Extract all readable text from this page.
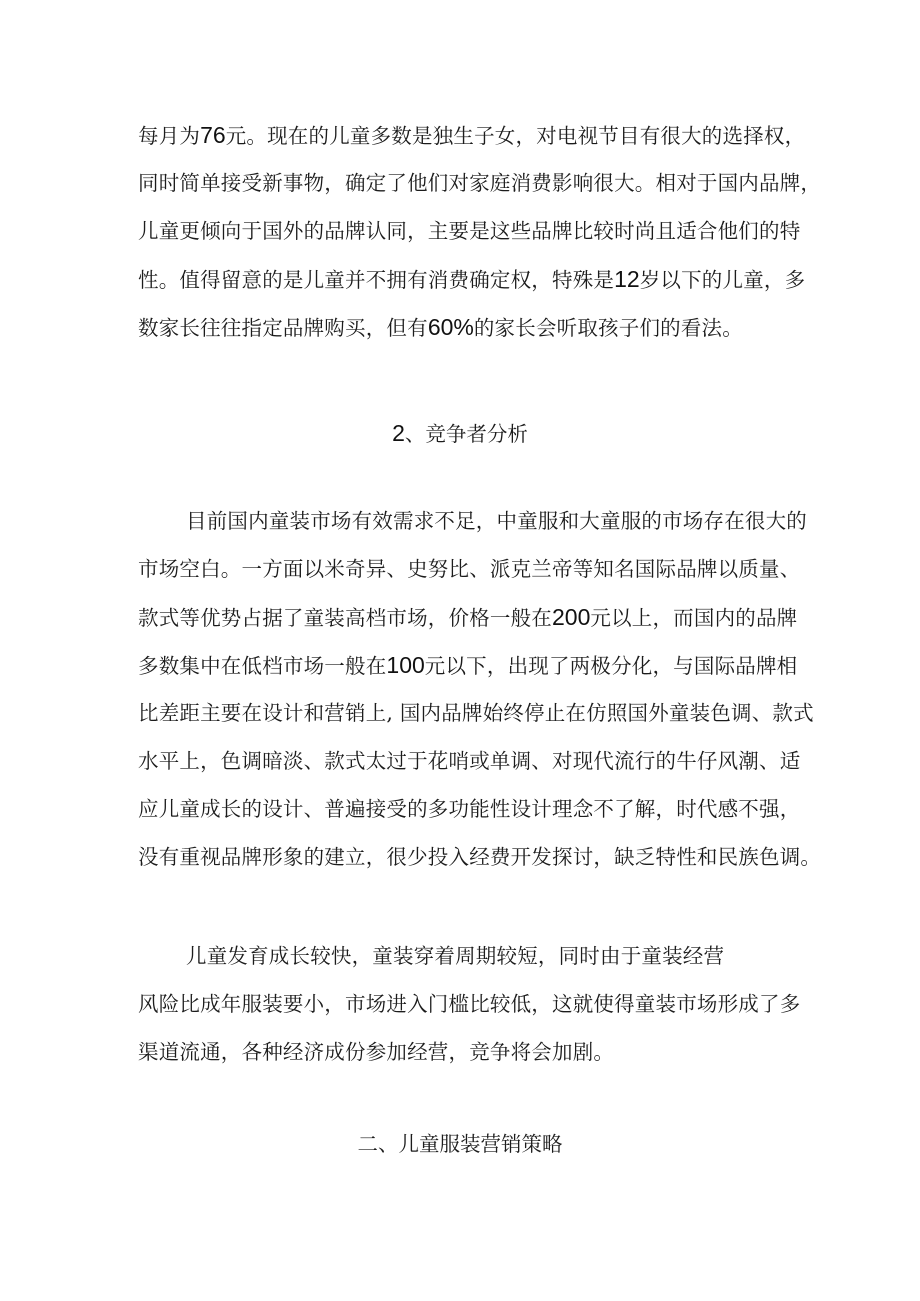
每月为76元。现在的儿童多数是独生子女，对电视节目有很大的选择权，
同时简单接受新事物，确定了他们对家庭消费影响很大。相对于国内品牌，
儿童更倾向于国外的品牌认同，主要是这些品牌比较时尚且适合他们的特
性。值得留意的是儿童并不拥有消费确定权，特殊是12岁以下的儿童，多
数家长往往指定品牌购买，但有60%的家长会听取孩子们的看法。
2、竞争者分析
目前国内童装市场有效需求不足，中童服和大童服的市场存在很大的
市场空白。一方面以米奇异、史努比、派克兰帝等知名国际品牌以质量、
款式等优势占据了童装高档市场，价格一般在200元以上，而国内的品牌
多数集中在低档市场一般在100元以下，出现了两极分化，与国际品牌相
比差距主要在设计和营销上, 国内品牌始终停止在仿照国外童装色调、款式
水平上，色调暗淡、款式太过于花哨或单调、对现代流行的牛仔风潮、适
应儿童成长的设计、普遍接受的多功能性设计理念不了解，时代感不强，
没有重视品牌形象的建立，很少投入经费开发探讨，缺乏特性和民族色调。
儿童发育成长较快，童装穿着周期较短，同时由于童装经营
风险比成年服装要小，市场进入门槛比较低，这就使得童装市场形成了多
渠道流通，各种经济成份参加经营，竞争将会加剧。
二、儿童服装营销策略
